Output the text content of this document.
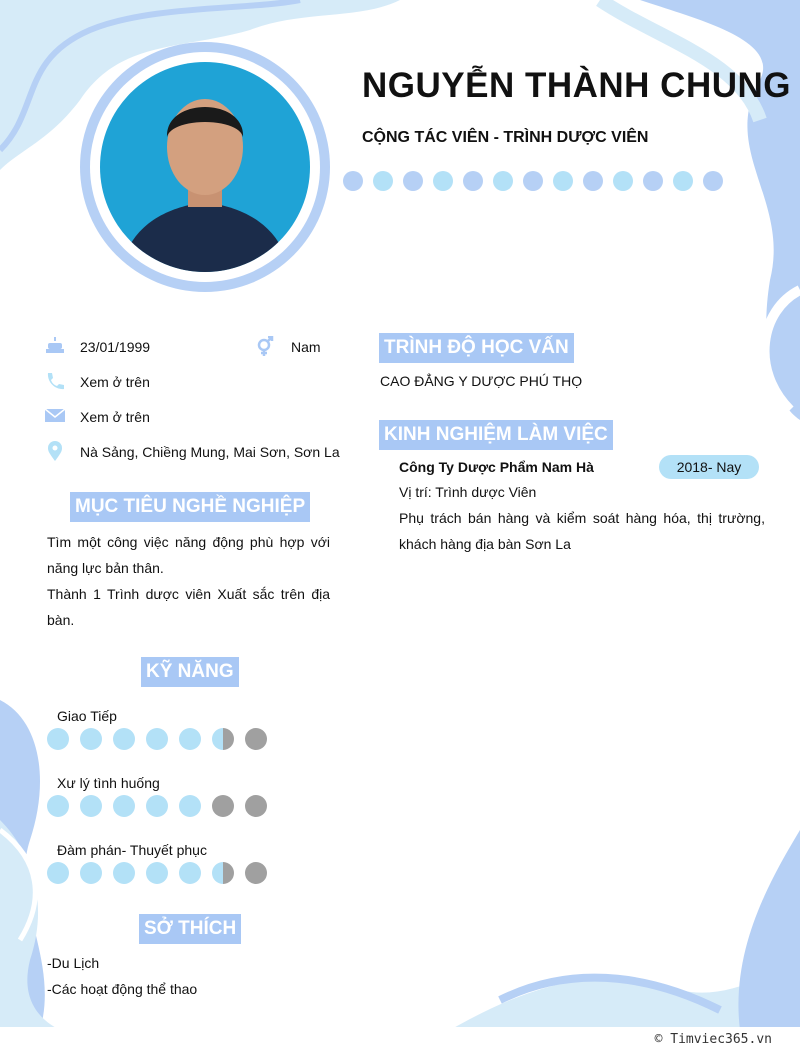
NGUYỄN THÀNH CHUNG
CỘNG TÁC VIÊN - TRÌNH DƯỢC VIÊN
23/01/1999	Nam
Xem ở trên
Xem ở trên
Nà Sảng, Chiềng Mung, Mai Sơn, Sơn La
MỤC TIÊU NGHỀ NGHIỆP
Tìm một công việc năng động phù hợp với năng lực bản thân.
Thành 1 Trình dược viên Xuất sắc trên địa bàn.
KỸ NĂNG
Giao Tiếp
Xư lý tình huống
Đàm phán- Thuyết phục
SỞ THÍCH
-Du Lịch
-Các hoạt động thể thao
TRÌNH ĐỘ HỌC VẤN
CAO ĐẲNG Y DƯỢC PHÚ THỌ
KINH NGHIỆM LÀM VIỆC
Công Ty Dược Phẩm Nam Hà	2018- Nay
Vị trí: Trình dược Viên
Phụ trách bán hàng và kiểm soát hàng hóa, thị trường, khách hàng địa bàn Sơn La
© Timviec365.vn
